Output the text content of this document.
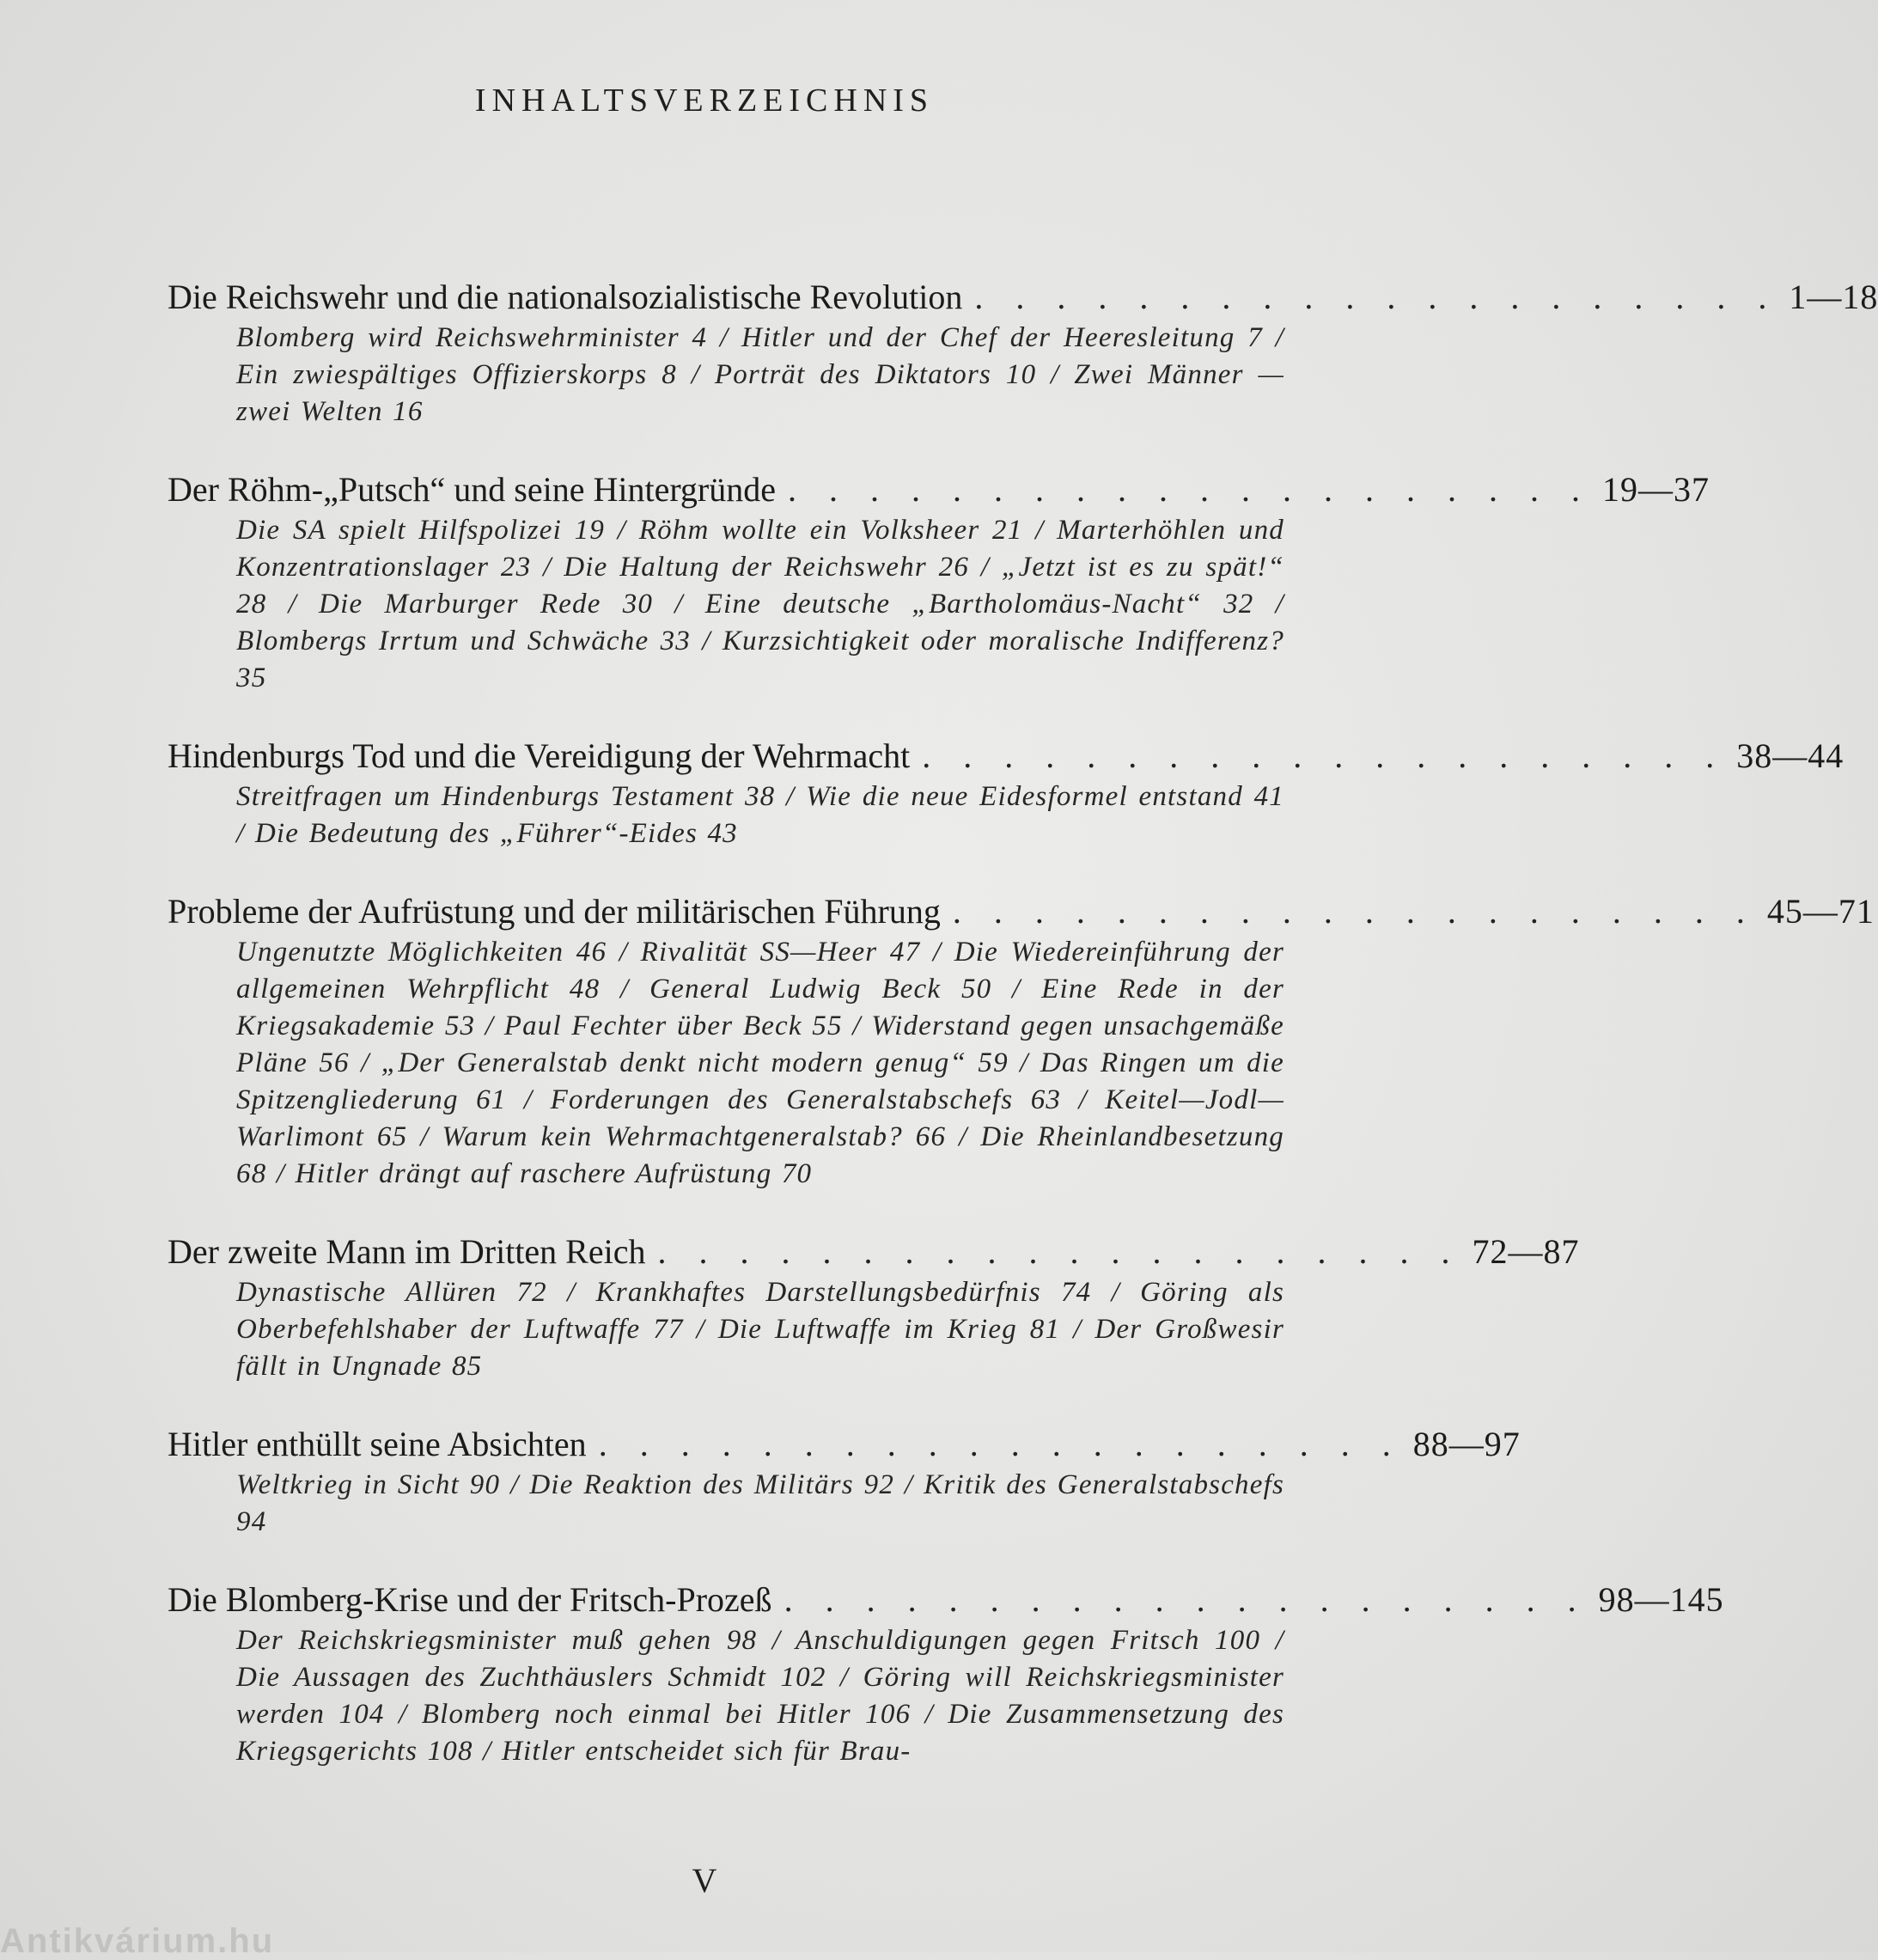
INHALTSVERZEICHNIS
Die Reichswehr und die nationalsozialistische Revolution . . . . . . . . . . . . . . . . . . . . 1—18
Blomberg wird Reichswehrminister 4 / Hitler und der Chef der Heeresleitung 7 / Ein zwiespältiges Offizierskorps 8 / Porträt des Diktators 10 / Zwei Männer — zwei Welten 16
Der Röhm-„Putsch“ und seine Hintergründe . . . . . . . . . . . . . . . . . . . . 19—37
Die SA spielt Hilfspolizei 19 / Röhm wollte ein Volksheer 21 / Marterhöhlen und Konzentrationslager 23 / Die Haltung der Reichswehr 26 / „Jetzt ist es zu spät!“ 28 / Die Marburger Rede 30 / Eine deutsche „Bartholomäus-Nacht“ 32 / Blombergs Irrtum und Schwäche 33 / Kurzsichtigkeit oder moralische Indifferenz? 35
Hindenburgs Tod und die Vereidigung der Wehrmacht . . . . . . . . . . . . . . . . . . . . 38—44
Streitfragen um Hindenburgs Testament 38 / Wie die neue Eidesformel entstand 41 / Die Bedeutung des „Führer“-Eides 43
Probleme der Aufrüstung und der militärischen Führung . . . . . . . . . . . . . . . . . . . . 45—71
Ungenutzte Möglichkeiten 46 / Rivalität SS—Heer 47 / Die Wiedereinführung der allgemeinen Wehrpflicht 48 / General Ludwig Beck 50 / Eine Rede in der Kriegsakademie 53 / Paul Fechter über Beck 55 / Widerstand gegen unsachgemäße Pläne 56 / „Der Generalstab denkt nicht modern genug“ 59 / Das Ringen um die Spitzengliederung 61 / Forderungen des Generalstabschefs 63 / Keitel—Jodl—Warlimont 65 / Warum kein Wehrmachtgeneralstab? 66 / Die Rheinlandbesetzung 68 / Hitler drängt auf raschere Aufrüstung 70
Der zweite Mann im Dritten Reich . . . . . . . . . . . . . . . . . . . . 72—87
Dynastische Allüren 72 / Krankhaftes Darstellungsbedürfnis 74 / Göring als Oberbefehlshaber der Luftwaffe 77 / Die Luftwaffe im Krieg 81 / Der Großwesir fällt in Ungnade 85
Hitler enthüllt seine Absichten . . . . . . . . . . . . . . . . . . . . 88—97
Weltkrieg in Sicht 90 / Die Reaktion des Militärs 92 / Kritik des Generalstabschefs 94
Die Blomberg-Krise und der Fritsch-Prozeß . . . . . . . . . . . . . . . . . . . . 98—145
Der Reichskriegsminister muß gehen 98 / Anschuldigungen gegen Fritsch 100 / Die Aussagen des Zuchthäuslers Schmidt 102 / Göring will Reichskriegsminister werden 104 / Blomberg noch einmal bei Hitler 106 / Die Zusammensetzung des Kriegsgerichts 108 / Hitler entscheidet sich für Brau-
V
Antikvárium.hu
